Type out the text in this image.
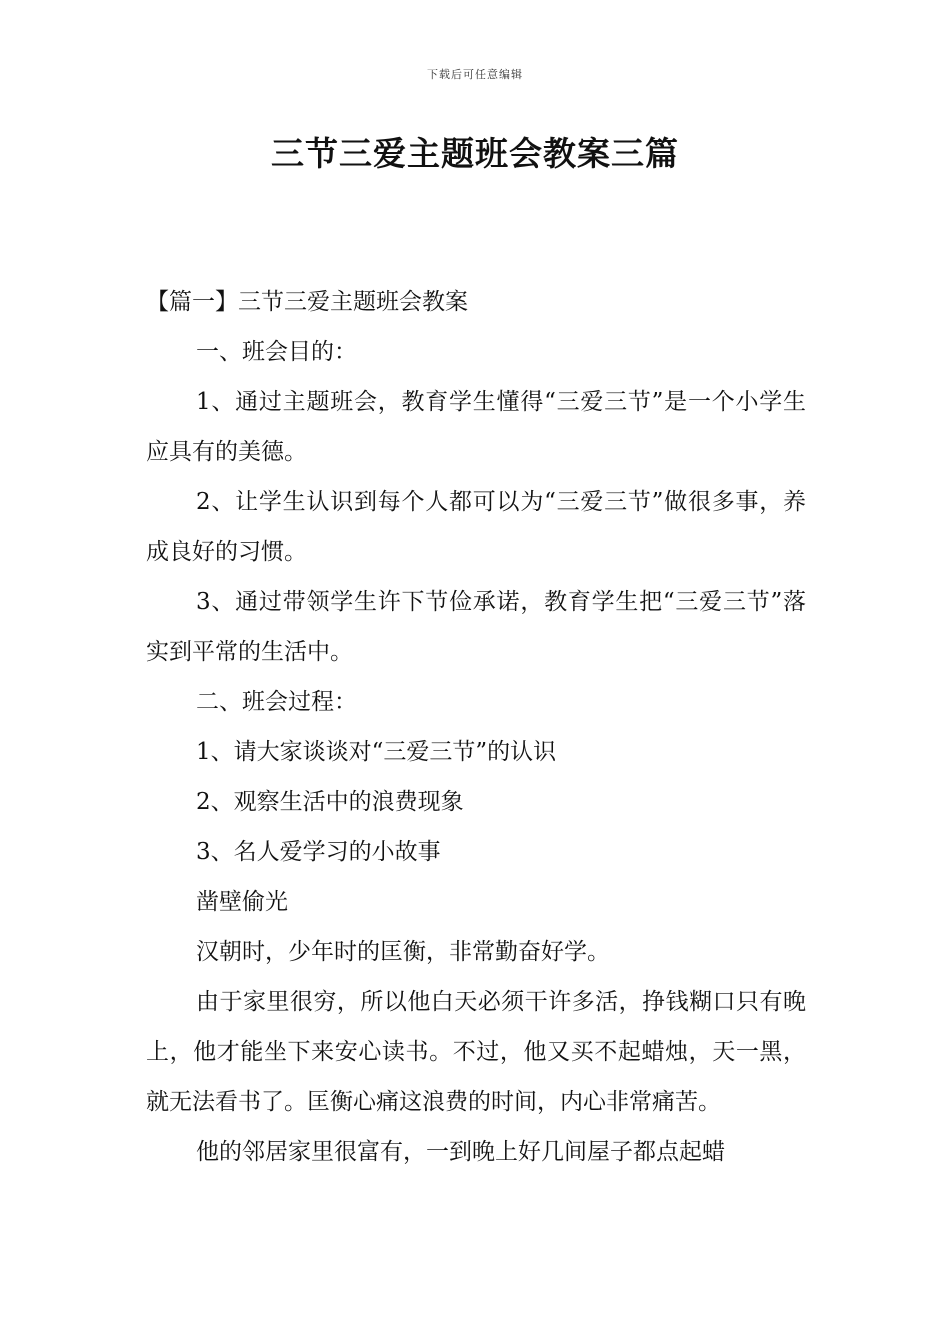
下载后可任意编辑
三节三爱主题班会教案三篇

【篇一】三节三爱主题班会教案

一、班会目的：

1、通过主题班会，教育学生懂得“三爱三节”是一个小学生应具有的美德。

2、让学生认识到每个人都可以为“三爱三节”做很多事，养成良好的习惯。

3、通过带领学生许下节俭承诺，教育学生把“三爱三节”落实到平常的生活中。

二、班会过程：

1、请大家谈谈对“三爱三节”的认识

2、观察生活中的浪费现象

3、名人爱学习的小故事

凿壁偷光

汉朝时，少年时的匡衡，非常勤奋好学。

由于家里很穷，所以他白天必须干许多活，挣钱糊口只有晚上，他才能坐下来安心读书。不过，他又买不起蜡烛，天一黑，就无法看书了。匡衡心痛这浪费的时间，内心非常痛苦。

他的邻居家里很富有，一到晚上好几间屋子都点起蜡
